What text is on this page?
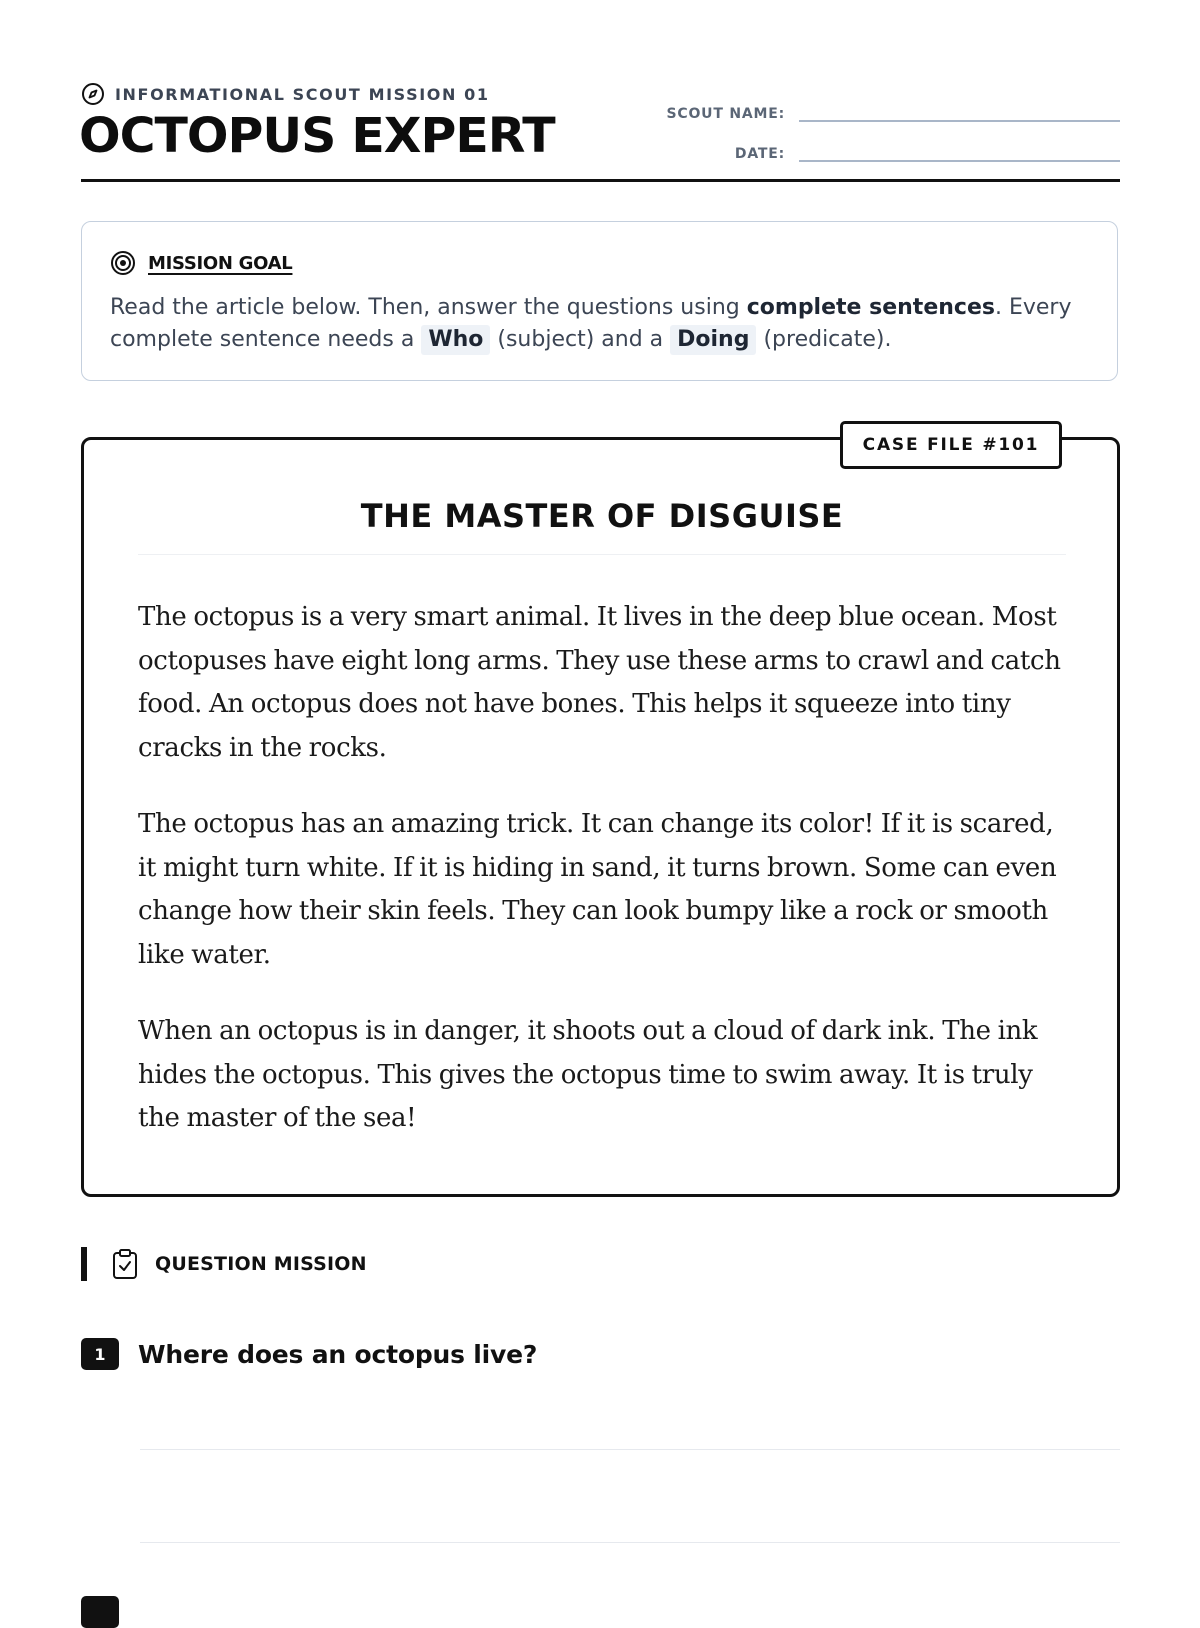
INFORMATIONAL SCOUT MISSION 01
OCTOPUS EXPERT	SCOUT NAME:
DATE:
MISSION GOAL
Read the article below. Then, answer the questions using complete sentences. Every complete sentence needs a Who (subject) and a Doing (predicate).
CASE FILE #101
THE MASTER OF DISGUISE

The octopus is a very smart animal. It lives in the deep blue ocean. Most octopuses have eight long arms. They use these arms to crawl and catch food. An octopus does not have bones. This helps it squeeze into tiny cracks in the rocks.

The octopus has an amazing trick. It can change its color! If it is scared, it might turn white. If it is hiding in sand, it turns brown. Some can even change how their skin feels. They can look bumpy like a rock or smooth like water.

When an octopus is in danger, it shoots out a cloud of dark ink. The ink hides the octopus. This gives the octopus time to swim away. It is truly the master of the sea!

QUESTION MISSION
1	Where does an octopus live?
